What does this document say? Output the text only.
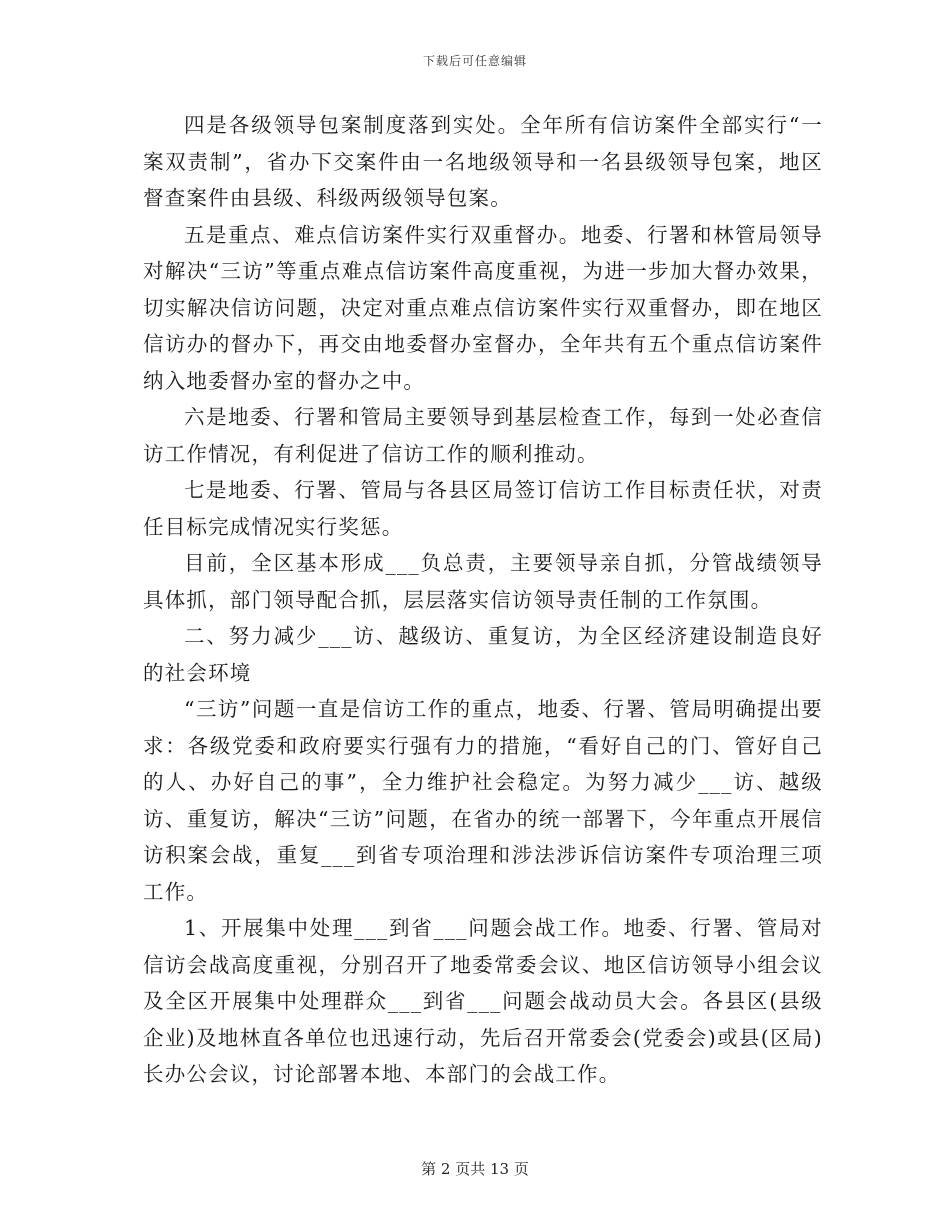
下载后可任意编辑

四是各级领导包案制度落到实处。全年所有信访案件全部实行“一案双责制”，省办下交案件由一名地级领导和一名县级领导包案，地区督查案件由县级、科级两级领导包案。

五是重点、难点信访案件实行双重督办。地委、行署和林管局领导对解决“三访”等重点难点信访案件高度重视，为进一步加大督办效果，切实解决信访问题，决定对重点难点信访案件实行双重督办，即在地区信访办的督办下，再交由地委督办室督办，全年共有五个重点信访案件纳入地委督办室的督办之中。

六是地委、行署和管局主要领导到基层检查工作，每到一处必查信访工作情况，有利促进了信访工作的顺利推动。

七是地委、行署、管局与各县区局签订信访工作目标责任状，对责任目标完成情况实行奖惩。

目前，全区基本形成___负总责，主要领导亲自抓，分管战绩领导具体抓，部门领导配合抓，层层落实信访领导责任制的工作氛围。

二、努力减少___访、越级访、重复访，为全区经济建设制造良好的社会环境

“三访”问题一直是信访工作的重点，地委、行署、管局明确提出要求：各级党委和政府要实行强有力的措施，“看好自己的门、管好自己的人、办好自己的事”，全力维护社会稳定。为努力减少___访、越级访、重复访，解决“三访”问题，在省办的统一部署下，今年重点开展信访积案会战，重复___到省专项治理和涉法涉诉信访案件专项治理三项工作。

1、开展集中处理___到省___问题会战工作。地委、行署、管局对信访会战高度重视，分别召开了地委常委会议、地区信访领导小组会议及全区开展集中处理群众___到省___问题会战动员大会。各县区(县级企业)及地林直各单位也迅速行动，先后召开常委会(党委会)或县(区局)长办公会议，讨论部署本地、本部门的会战工作。

第 2 页共 13 页
